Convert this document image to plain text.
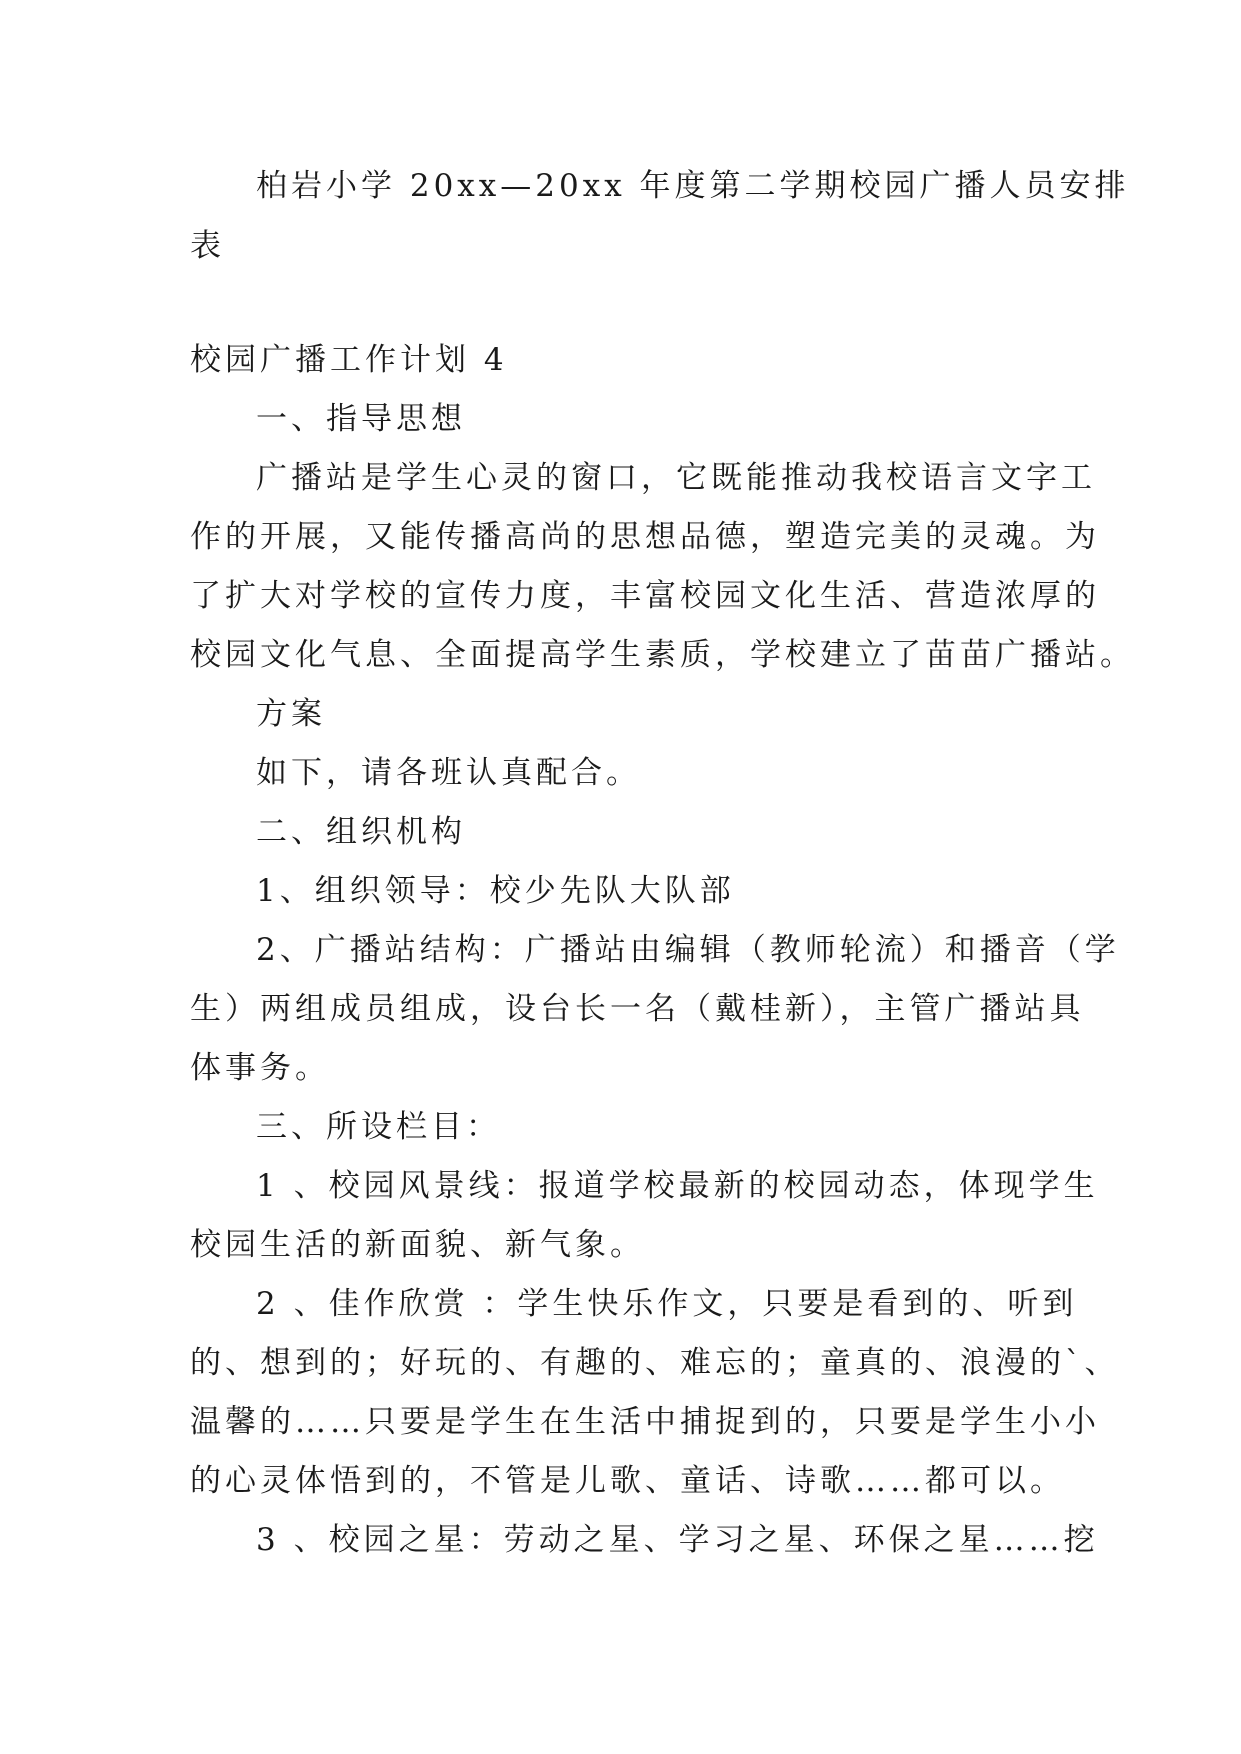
柏岩小学 20xx—20xx 年度第二学期校园广播人员安排
表
校园广播工作计划 4
一、指导思想
广播站是学生心灵的窗口，它既能推动我校语言文字工
作的开展，又能传播高尚的思想品德，塑造完美的灵魂。为
了扩大对学校的宣传力度，丰富校园文化生活、营造浓厚的
校园文化气息、全面提高学生素质，学校建立了苗苗广播站。
方案
如下，请各班认真配合。
二、组织机构
1、组织领导：校少先队大队部
2、广播站结构：广播站由编辑（教师轮流）和播音（学
生）两组成员组成，设台长一名（戴桂新），主管广播站具
体事务。
三、所设栏目：
1 、校园风景线：报道学校最新的校园动态，体现学生
校园生活的新面貌、新气象。
2 、佳作欣赏 ：学生快乐作文，只要是看到的、听到
的、想到的；好玩的、有趣的、难忘的；童真的、浪漫的`、
温馨的……只要是学生在生活中捕捉到的，只要是学生小小
的心灵体悟到的，不管是儿歌、童话、诗歌……都可以。
3 、校园之星：劳动之星、学习之星、环保之星……挖
